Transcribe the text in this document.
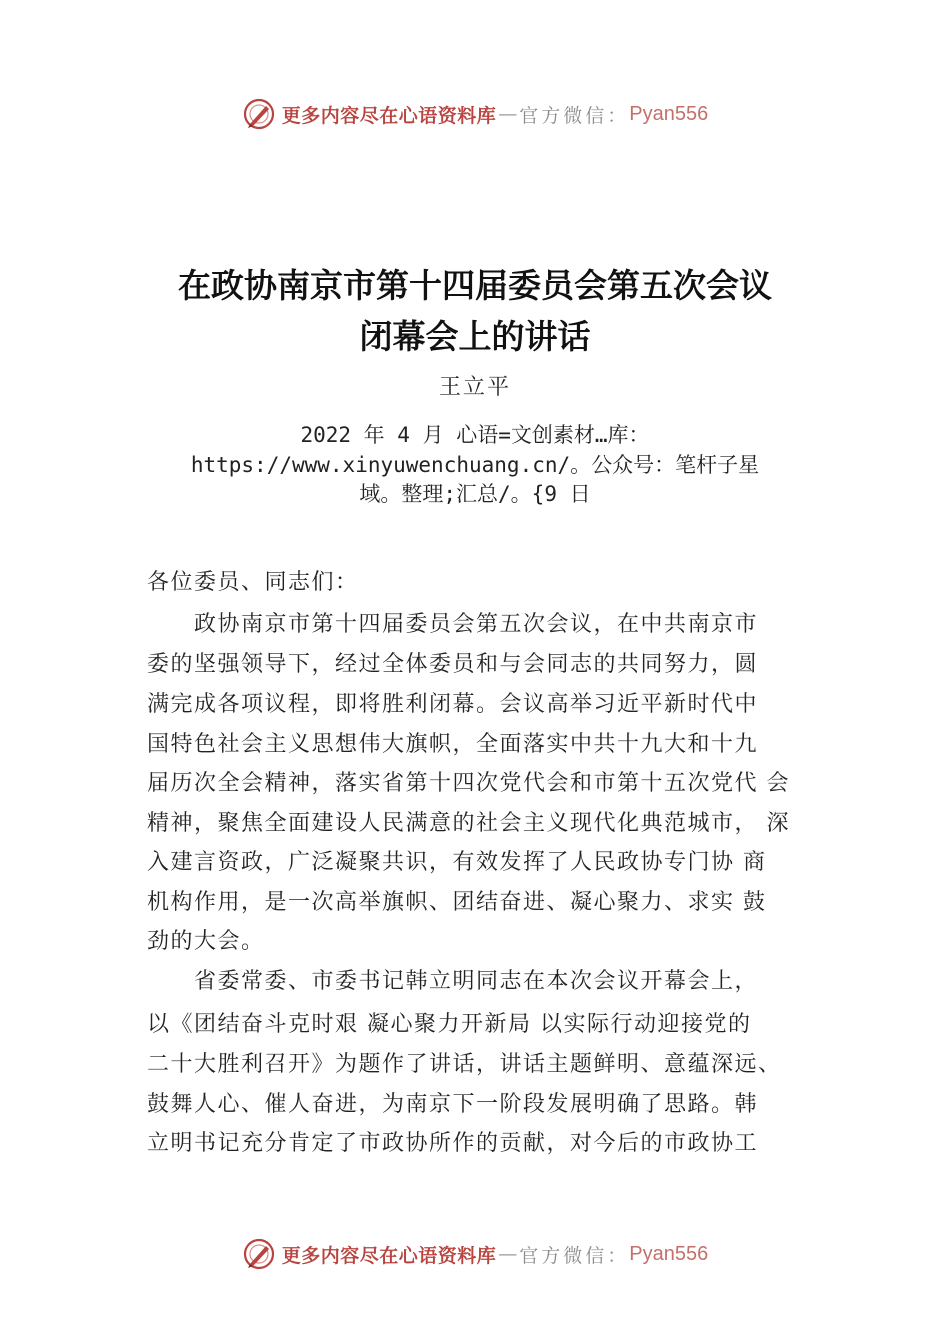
更多内容尽在心语资料库 — 官方微信： Pyan556
在政协南京市第十四届委员会第五次会议
闭幕会上的讲话
王立平
2022 年 4 月 心语=文创素材…库：
https://www.xinyuwenchuang.cn/。公众号：笔杆子星
域。整理;汇总/。{9 日
各位委员、同志们：
　　政协南京市第十四届委员会第五次会议，在中共南京市
委的坚强领导下，经过全体委员和与会同志的共同努力，圆
满完成各项议程，即将胜利闭幕。会议高举习近平新时代中
国特色社会主义思想伟大旗帜，全面落实中共十九大和十九
届历次全会精神，落实省第十四次党代会和市第十五次党代 会
精神，聚焦全面建设人民满意的社会主义现代化典范城市， 深
入建言资政，广泛凝聚共识，有效发挥了人民政协专门协 商
机构作用，是一次高举旗帜、团结奋进、凝心聚力、求实 鼓
劲的大会。
　　省委常委、市委书记韩立明同志在本次会议开幕会上，
以《团结奋斗克时艰 凝心聚力开新局 以实际行动迎接党的
二十大胜利召开》为题作了讲话，讲话主题鲜明、意蕴深远、
鼓舞人心、催人奋进，为南京下一阶段发展明确了思路。韩
立明书记充分肯定了市政协所作的贡献，对今后的市政协工
更多内容尽在心语资料库 — 官方微信： Pyan556
